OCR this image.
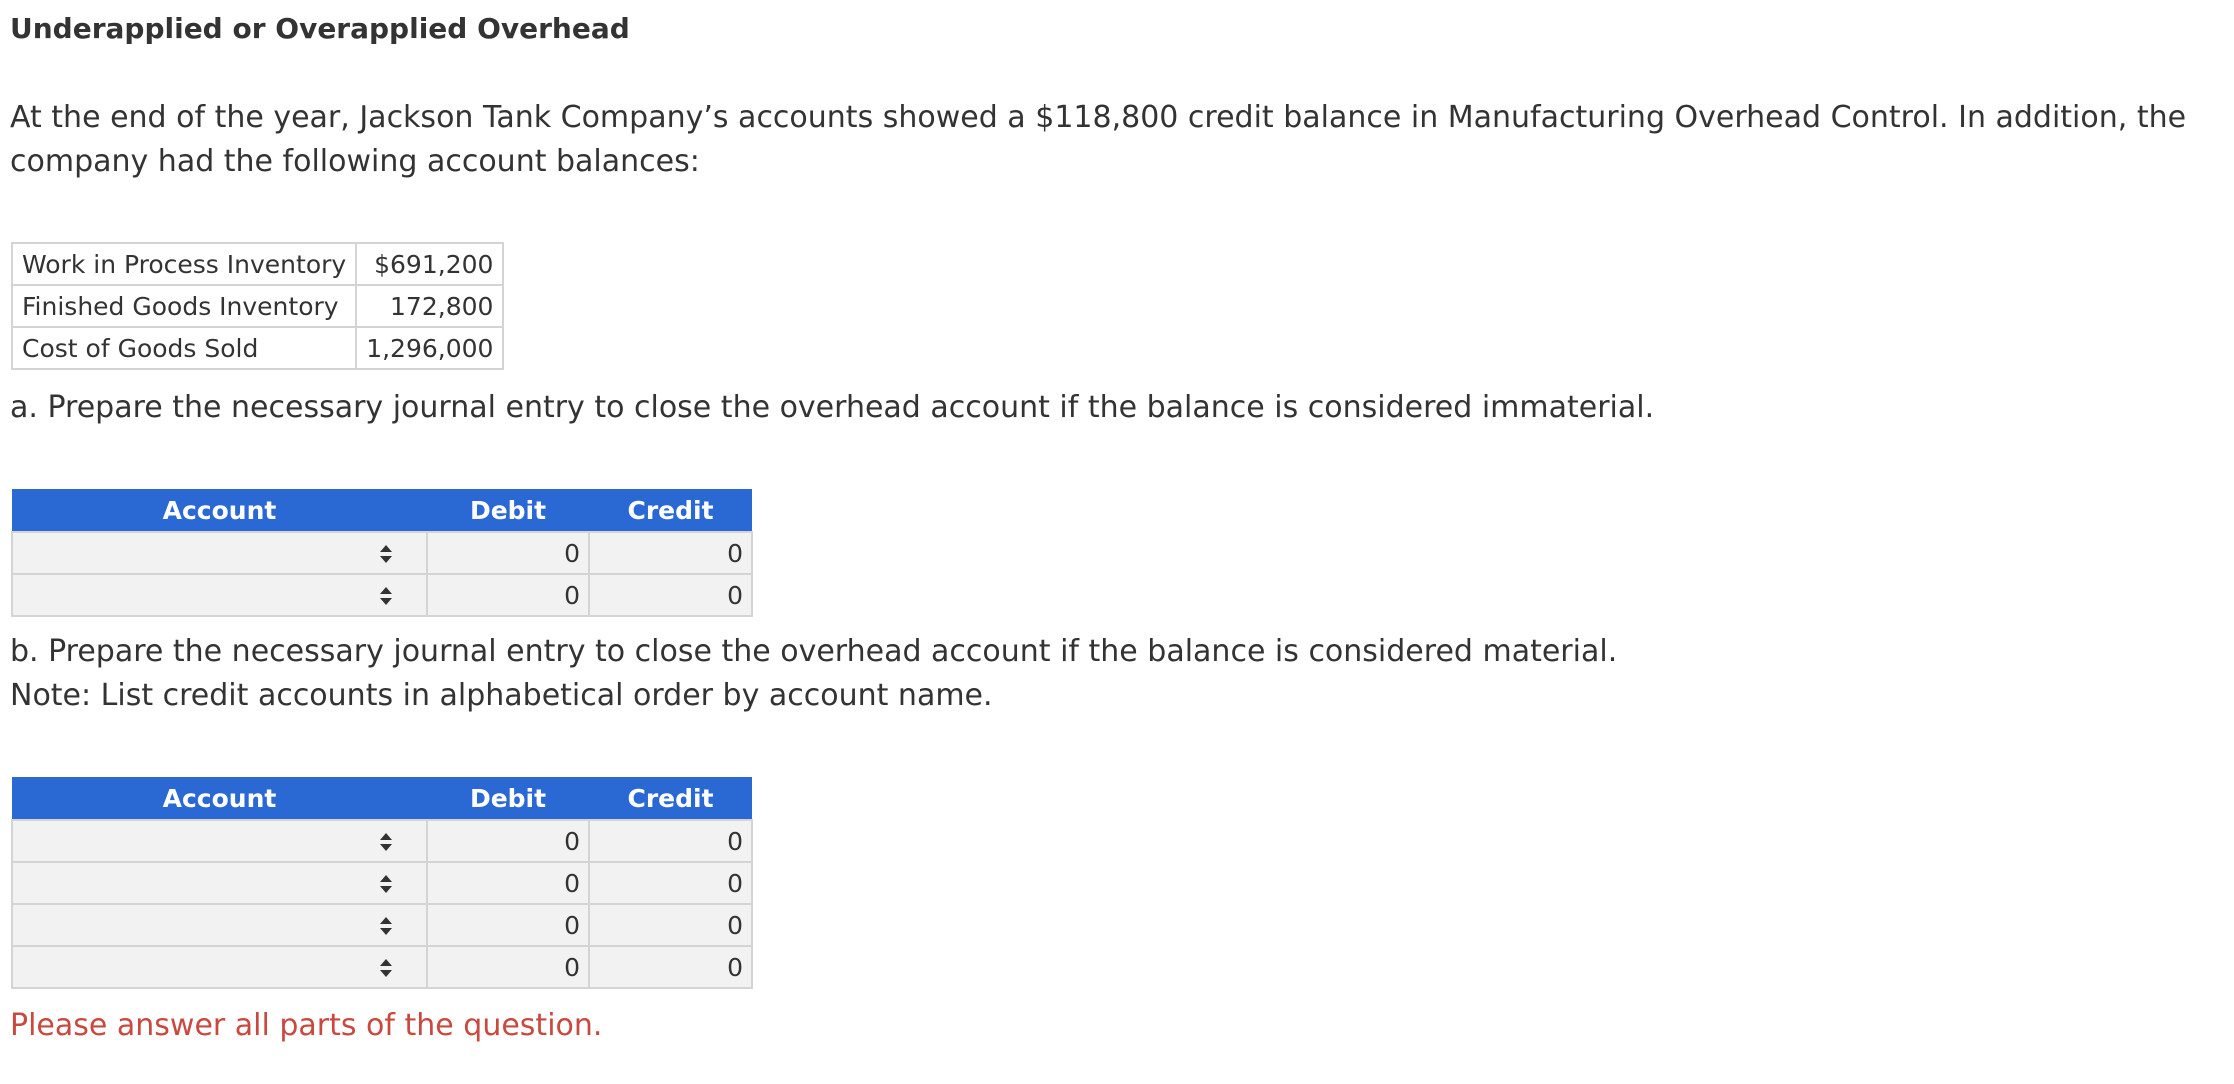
Underapplied or Overapplied Overhead
At the end of the year, Jackson Tank Company’s accounts showed a $118,800 credit balance in Manufacturing Overhead Control. In addition, the company had the following account balances:
Work in Process Inventory	$691,200
Finished Goods Inventory	172,800
Cost of Goods Sold	1,296,000
a. Prepare the necessary journal entry to close the overhead account if the balance is considered immaterial.
Account	Debit	Credit

	0	0

	0	0
b. Prepare the necessary journal entry to close the overhead account if the balance is considered material.
Note: List credit accounts in alphabetical order by account name.
Account	Debit	Credit

	0	0

	0	0

	0	0

	0	0
Please answer all parts of the question.
